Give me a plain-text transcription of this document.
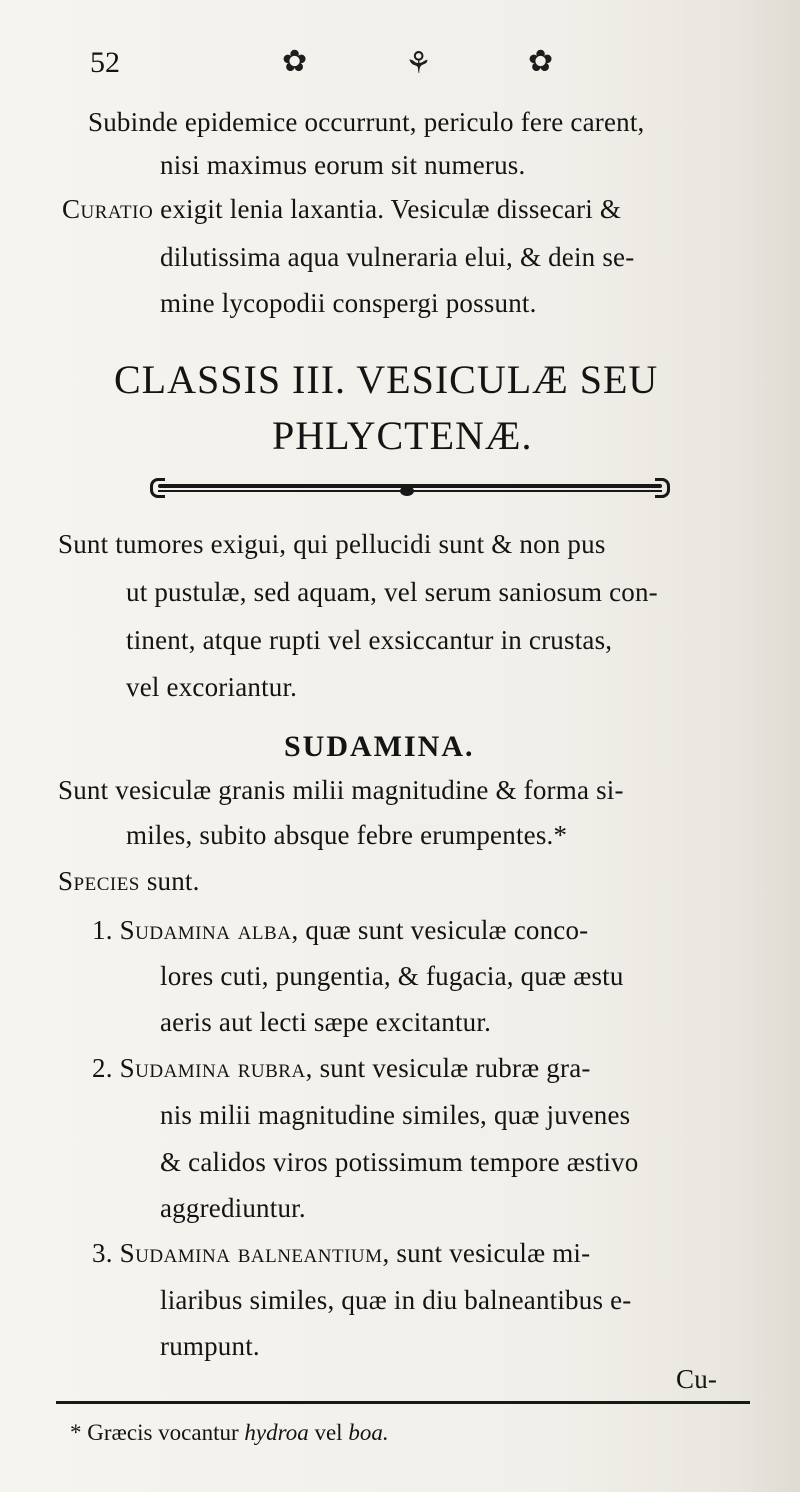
52	✿	⚘	✿
Subinde epidemice occurrunt, periculo fere carent,
nisi maximus eorum sit numerus.
Curatio exigit lenia laxantia. Vesiculæ dissecari &
dilutissima aqua vulneraria elui, & dein se-
mine lycopodii conspergi possunt.
CLASSIS III. VESICULÆ SEU
PHLYCTENÆ.
Sunt tumores exigui, qui pellucidi sunt & non pus
ut pustulæ, sed aquam, vel serum saniosum con-
tinent, atque rupti vel exsiccantur in crustas,
vel excoriantur.
SUDAMINA.
Sunt vesiculæ granis milii magnitudine & forma si-
miles, subito absque febre erumpentes.*
Species sunt.
1. Sudamina alba, quæ sunt vesiculæ conco-
lores cuti, pungentia, & fugacia, quæ æstu
aeris aut lecti sæpe excitantur.
2. Sudamina rubra, sunt vesiculæ rubræ gra-
nis milii magnitudine similes, quæ juvenes
& calidos viros potissimum tempore æstivo
aggrediuntur.
3. Sudamina balneantium, sunt vesiculæ mi-
liaribus similes, quæ in diu balneantibus e-
rumpunt.
Cu-
* Græcis vocantur hydroa vel boa.
